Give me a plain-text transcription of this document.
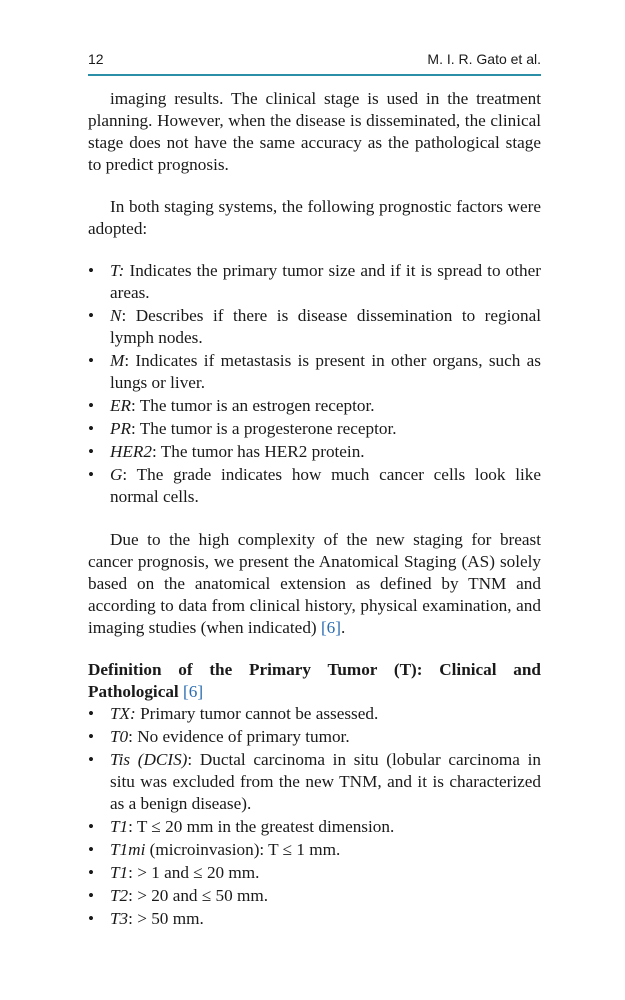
12	M. I. R. Gato et al.

imaging results. The clinical stage is used in the treatment planning. However, when the disease is disseminated, the clinical stage does not have the same accuracy as the pathological stage to predict prognosis.

In both staging systems, the following prognostic factors were adopted:

• T: Indicates the primary tumor size and if it is spread to other areas.
• N: Describes if there is disease dissemination to regional lymph nodes.
• M: Indicates if metastasis is present in other organs, such as lungs or liver.
• ER: The tumor is an estrogen receptor.
• PR: The tumor is a progesterone receptor.
• HER2: The tumor has HER2 protein.
• G: The grade indicates how much cancer cells look like normal cells.

Due to the high complexity of the new staging for breast cancer prognosis, we present the Anatomical Staging (AS) solely based on the anatomical extension as defined by TNM and according to data from clinical history, physical examination, and imaging studies (when indicated) [6].

Definition of the Primary Tumor (T): Clinical and Pathological [6]
• TX: Primary tumor cannot be assessed.
• T0: No evidence of primary tumor.
• Tis (DCIS): Ductal carcinoma in situ (lobular carcinoma in situ was excluded from the new TNM, and it is characterized as a benign disease).
• T1: T ≤ 20 mm in the greatest dimension.
• T1mi (microinvasion): T ≤ 1 mm.
• T1: > 1 and ≤ 20 mm.
• T2: > 20 and ≤ 50 mm.
• T3: > 50 mm.
